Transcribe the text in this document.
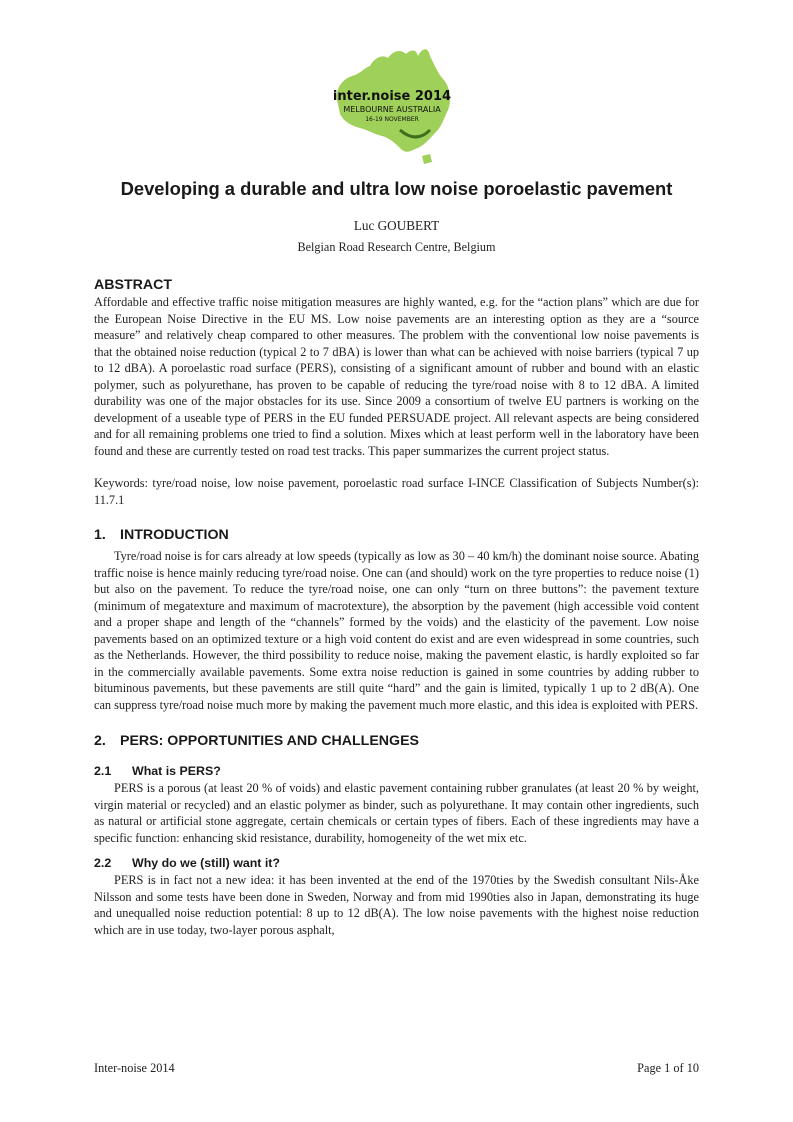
inter.noise 2014
MELBOURNE AUSTRALIA
16-19 NOVEMBER
Developing a durable and ultra low noise poroelastic pavement
Luc GOUBERT
Belgian Road Research Centre, Belgium
ABSTRACT

Affordable and effective traffic noise mitigation measures are highly wanted, e.g. for the “action plans” which are due for the European Noise Directive in the EU MS. Low noise pavements are an interesting option as they are a “source measure” and relatively cheap compared to other measures. The problem with the conventional low noise pavements is that the obtained noise reduction (typical 2 to 7 dBA) is lower than what can be achieved with noise barriers (typical 7 up to 12 dBA). A poroelastic road surface (PERS), consisting of a significant amount of rubber and bound with an elastic polymer, such as polyurethane, has proven to be capable of reducing the tyre/road noise with 8 to 12 dBA. A limited durability was one of the major obstacles for its use. Since 2009 a consortium of twelve EU partners is working on the development of a useable type of PERS in the EU funded PERSUADE project. All relevant aspects are being considered and for all remaining problems one tried to find a solution. Mixes which at least perform well in the laboratory have been found and these are currently tested on road test tracks. This paper summarizes the current project status.

Keywords: tyre/road noise, low noise pavement, poroelastic road surface I-INCE Classification of Subjects Number(s): 11.7.1

1. INTRODUCTION

Tyre/road noise is for cars already at low speeds (typically as low as 30 – 40 km/h) the dominant noise source. Abating traffic noise is hence mainly reducing tyre/road noise. One can (and should) work on the tyre properties to reduce noise (1) but also on the pavement. To reduce the tyre/road noise, one can only “turn on three buttons”: the pavement texture (minimum of megatexture and maximum of macrotexture), the absorption by the pavement (high accessible void content and a proper shape and length of the “channels” formed by the voids) and the elasticity of the pavement. Low noise pavements based on an optimized texture or a high void content do exist and are even widespread in some countries, such as the Netherlands. However, the third possibility to reduce noise, making the pavement elastic, is hardly exploited so far in the commercially available pavements. Some extra noise reduction is gained in some countries by adding rubber to bituminous pavements, but these pavements are still quite “hard” and the gain is limited, typically 1 up to 2 dB(A). One can suppress tyre/road noise much more by making the pavement much more elastic, and this idea is exploited with PERS.

2. PERS: OPPORTUNITIES AND CHALLENGES
2.1 What is PERS?

PERS is a porous (at least 20 % of voids) and elastic pavement containing rubber granulates (at least 20 % by weight, virgin material or recycled) and an elastic polymer as binder, such as polyurethane. It may contain other ingredients, such as natural or artificial stone aggregate, certain chemicals or certain types of fibers. Each of these ingredients may have a specific function: enhancing skid resistance, durability, homogeneity of the wet mix etc.

2.2 Why do we (still) want it?

PERS is in fact not a new idea: it has been invented at the end of the 1970ties by the Swedish consultant Nils-Åke Nilsson and some tests have been done in Sweden, Norway and from mid 1990ties also in Japan, demonstrating its huge and unequalled noise reduction potential: 8 up to 12 dB(A). The low noise pavements with the highest noise reduction which are in use today, two-layer porous asphalt,

Inter-noise 2014	Page 1 of 10
